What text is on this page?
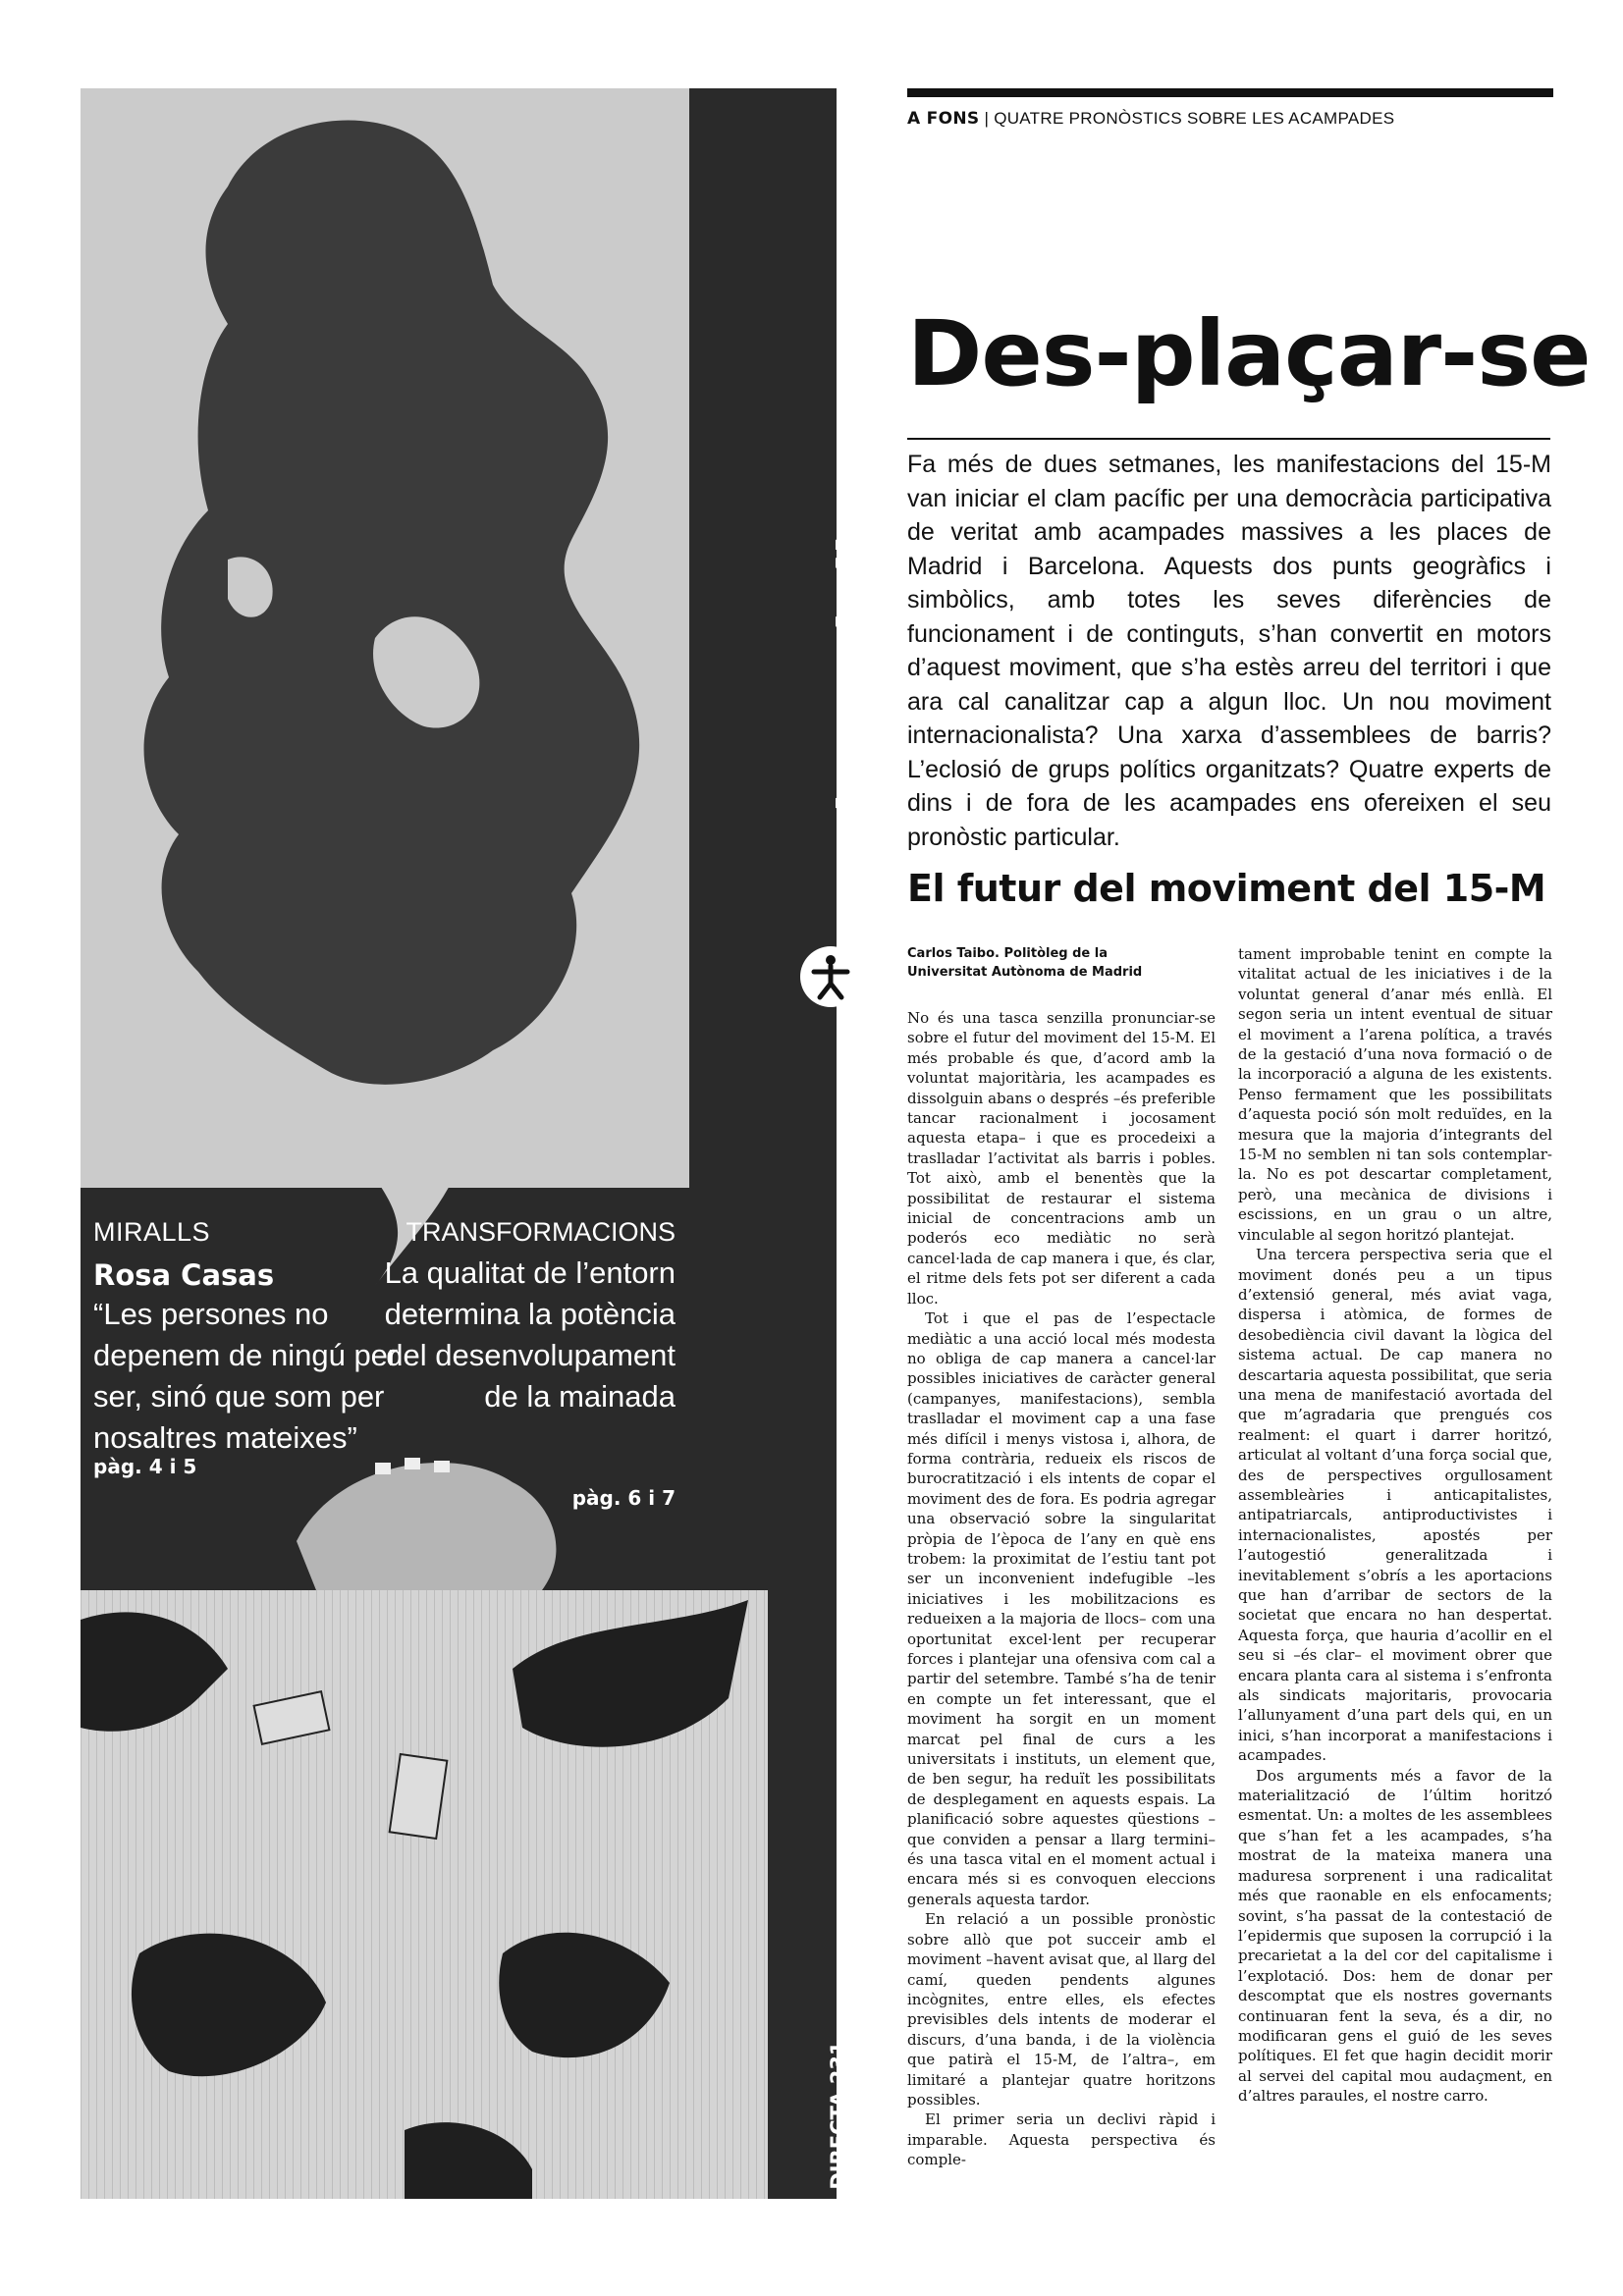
Quaderns d’Illacrua64
DIRECTA 231 1 de juny de 2011
IL·LUSTRACIÓ:
Neruuu
MIRALLS
Rosa Casas
“Les persones no depenem de ningú per ser, sinó que som per nosaltres mateixes”
pàg. 4 i 5
TRANSFORMACIONS
La qualitat de l’entorn determina la potència del desenvolupament de la mainada
pàg. 6 i 7
A FONS | QUATRE PRONÒSTICS SOBRE LES ACAMPADES
Des-plaçar-se
Fa més de dues setmanes, les manifestacions del 15-M van iniciar el clam pacífic per una democràcia participativa de veritat amb acampades massives a les places de Madrid i Barcelona. Aquests dos punts geogràfics i simbòlics, amb totes les seves diferències de funcionament i de continguts, s’han convertit en motors d’aquest moviment, que s’ha estès arreu del territori i que ara cal canalitzar cap a algun lloc. Un nou moviment internacionalista? Una xarxa d’assemblees de barris? L’eclosió de grups polítics organitzats? Quatre experts de dins i de fora de les acampades ens ofereixen el seu pronòstic particular.
El futur del moviment del 15-M
Carlos Taibo. Politòleg de la
Universitat Autònoma de Madrid

No és una tasca senzilla pronunciar-se sobre el futur del moviment del 15-M. El més probable és que, d’acord amb la voluntat majoritària, les acampades es dissolguin abans o després –és preferible tancar racionalment i jocosament aquesta etapa– i que es procedeixi a traslladar l’activitat als barris i pobles. Tot això, amb el benentès que la possibilitat de restaurar el sistema inicial de concentracions amb un poderós eco mediàtic no serà cancel·lada de cap manera i que, és clar, el ritme dels fets pot ser diferent a cada lloc.

Tot i que el pas de l’espectacle mediàtic a una acció local més modesta no obliga de cap manera a cancel·lar possibles iniciatives de caràcter general (campanyes, manifestacions), sembla traslladar el moviment cap a una fase més difícil i menys vistosa i, alhora, de forma contrària, redueix els riscos de burocratització i els intents de copar el moviment des de fora. Es podria agregar una observació sobre la singularitat pròpia de l’època de l’any en què ens trobem: la proximitat de l’estiu tant pot ser un inconvenient indefugible –les iniciatives i les mobilitzacions es redueixen a la majoria de llocs– com una oportunitat excel·lent per recuperar forces i plantejar una ofensiva com cal a partir del setembre. També s’ha de tenir en compte un fet interessant, que el moviment ha sorgit en un moment marcat pel final de curs a les universitats i instituts, un element que, de ben segur, ha reduït les possibilitats de desplegament en aquests espais. La planificació sobre aquestes qüestions –que conviden a pensar a llarg termini– és una tasca vital en el moment actual i encara més si es convoquen eleccions generals aquesta tardor.

En relació a un possible pronòstic sobre allò que pot succeir amb el moviment –havent avisat que, al llarg del camí, queden pendents algunes incògnites, entre elles, els efectes previsibles dels intents de moderar el discurs, d’una banda, i de la violència que patirà el 15-M, de l’altra–, em limitaré a plantejar quatre horitzons possibles.

El primer seria un declivi ràpid i imparable. Aquesta perspectiva és comple-

tament improbable tenint en compte la vitalitat actual de les iniciatives i de la voluntat general d’anar més enllà. El segon seria un intent eventual de situar el moviment a l’arena política, a través de la gestació d’una nova formació o de la incorporació a alguna de les existents. Penso fermament que les possibilitats d’aquesta poció són molt reduïdes, en la mesura que la majoria d’integrants del 15-M no semblen ni tan sols contemplar-la. No es pot descartar completament, però, una mecànica de divisions i escissions, en un grau o un altre, vinculable al segon horitzó plantejat.

Una tercera perspectiva seria que el moviment donés peu a un tipus d’extensió general, més aviat vaga, dispersa i atòmica, de formes de desobediència civil davant la lògica del sistema actual. De cap manera no descartaria aquesta possibilitat, que seria una mena de manifestació avortada del que m’agradaria que prengués cos realment: el quart i darrer horitzó, articulat al voltant d’una força social que, des de perspectives orgullosament assembleàries i anticapitalistes, antipatriarcals, antiproductivistes i internacionalistes, apostés per l’autogestió generalitzada i inevitablement s’obrís a les aportacions que han d’arribar de sectors de la societat que encara no han despertat. Aquesta força, que hauria d’acollir en el seu si –és clar– el moviment obrer que encara planta cara al sistema i s’enfronta als sindicats majoritaris, provocaria l’allunyament d’una part dels qui, en un inici, s’han incorporat a manifestacions i acampades.

Dos arguments més a favor de la materialització de l’últim horitzó esmentat. Un: a moltes de les assemblees que s’han fet a les acampades, s’ha mostrat de la mateixa manera una maduresa sorprenent i una radicalitat més que raonable en els enfocaments; sovint, s’ha passat de la contestació de l’epidermis que suposen la corrupció i la precarietat a la del cor del capitalisme i l’explotació. Dos: hem de donar per descomptat que els nostres governants continuaran fent la seva, és a dir, no modificaran gens el guió de les seves polítiques. El fet que hagin decidit morir al servei del capital mou audaçment, en d’altres paraules, el nostre carro.
